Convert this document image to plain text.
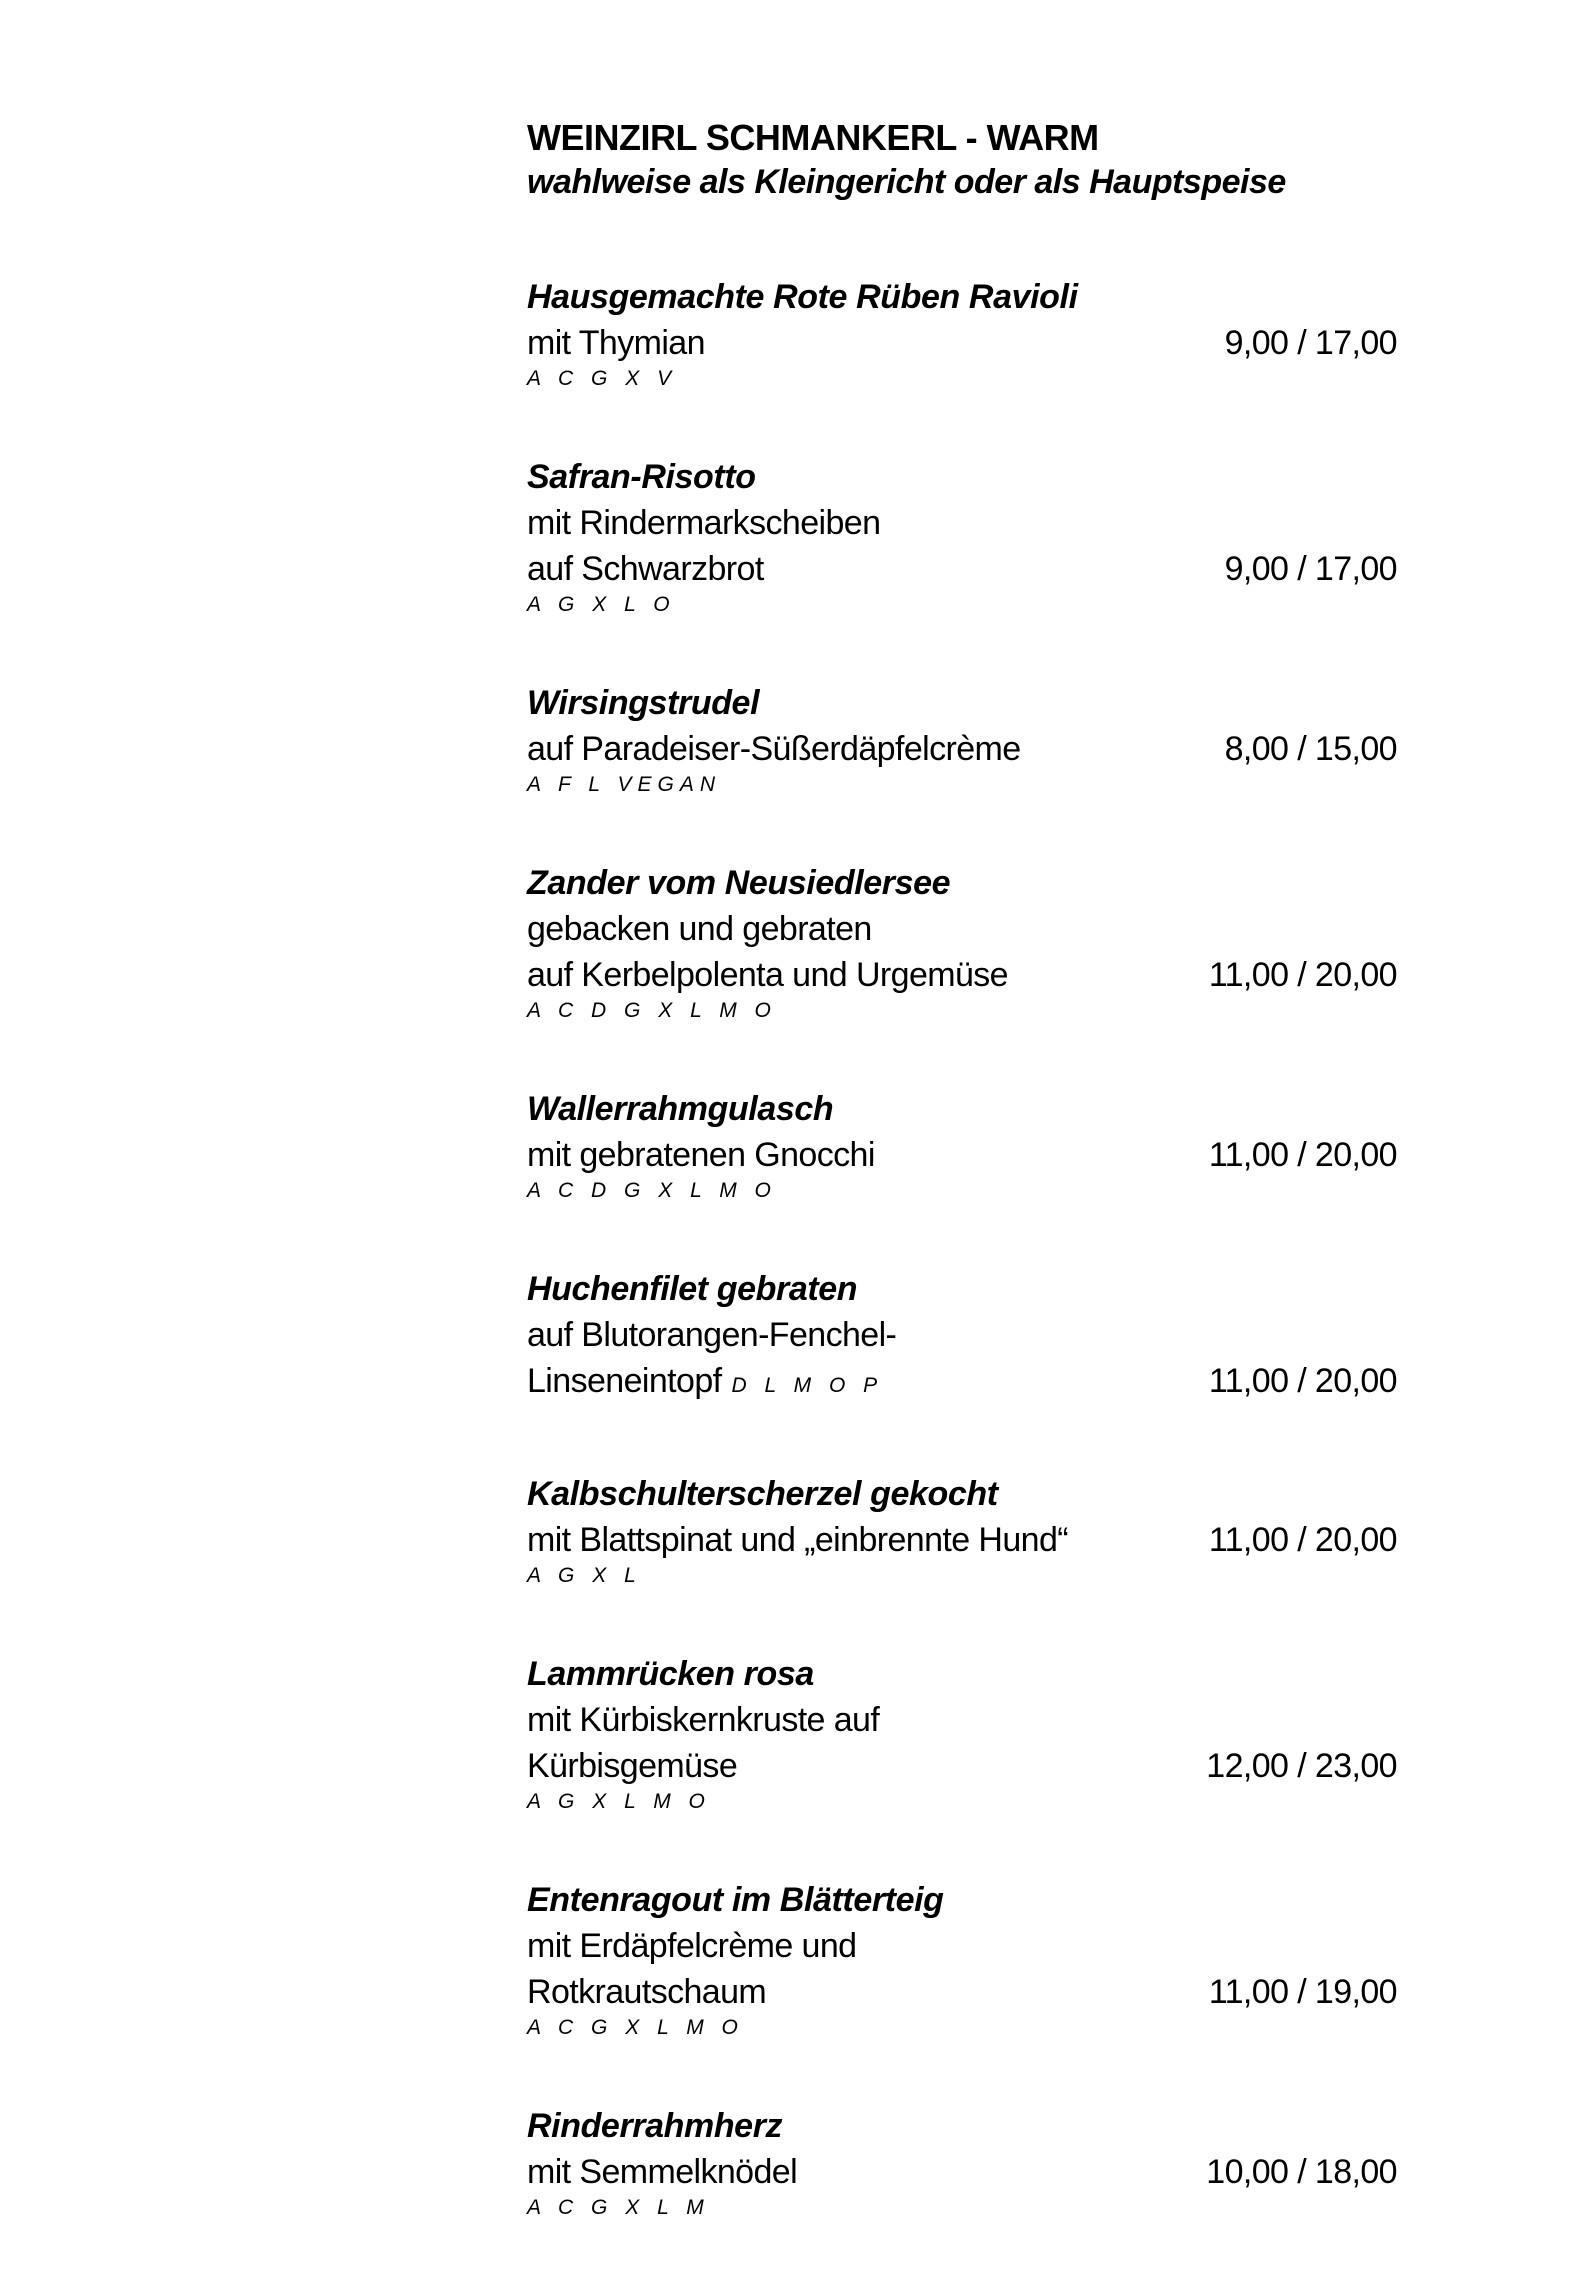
WEINZIRL SCHMANKERL - WARM
wahlweise als Kleingericht oder als Hauptspeise
Hausgemachte Rote Rüben Ravioli
mit Thymian	9,00 / 17,00
A C G X V
Safran-Risotto
mit Rindermarkscheiben
auf Schwarzbrot	9,00 / 17,00
A G X L O
Wirsingstrudel
auf Paradeiser-Süßerdäpfelcrème	8,00 / 15,00
A F L VEGAN
Zander vom Neusiedlersee
gebacken und gebraten
auf Kerbelpolenta und Urgemüse	11,00 / 20,00
A C D G X L M O
Wallerrahmgulasch
mit gebratenen Gnocchi	11,00 / 20,00
A C D G X L M O
Huchenfilet gebraten
auf Blutorangen-Fenchel-
Linseneintopf D L M O P	11,00 / 20,00
Kalbschulterscherzel gekocht
mit Blattspinat und „einbrennte Hund“	11,00 / 20,00
A G X L
Lammrücken rosa
mit Kürbiskernkruste auf
Kürbisgemüse	12,00 / 23,00
A G X L M O
Entenragout im Blätterteig
mit Erdäpfelcrème und
Rotkrautschaum	11,00 / 19,00
A C G X L M O
Rinderrahmherz
mit Semmelknödel	10,00 / 18,00
A C G X L M
